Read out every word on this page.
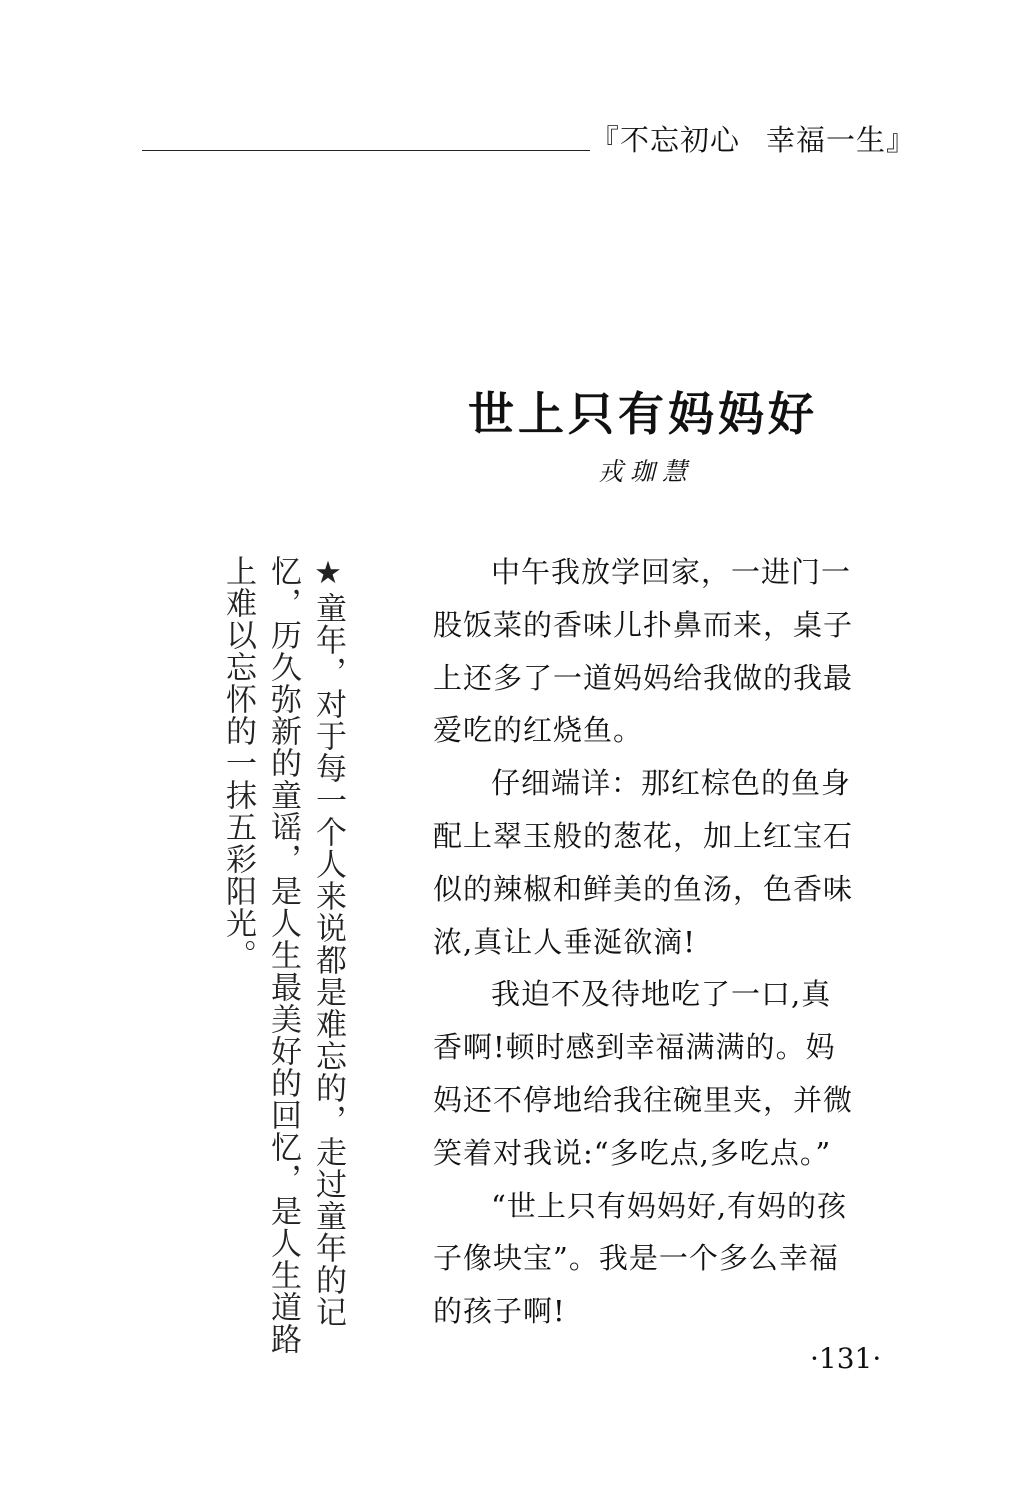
『不忘初心 幸福一生』
世上只有妈妈好
戎珈慧
★童年，对于每一个人来说都是难忘的，走过童年的记忆，历久弥新的童谣，是人生最美好的回忆，是人生道路上难以忘怀的一抹五彩阳光。	中午我放学回家，一进门一股饭菜的香味儿扑鼻而来，桌子上还多了一道妈妈给我做的我最爱吃的红烧鱼。

仔细端详：那红棕色的鱼身配上翠玉般的葱花，加上红宝石似的辣椒和鲜美的鱼汤，色香味浓,真让人垂涎欲滴!

我迫不及待地吃了一口,真香啊!顿时感到幸福满满的。妈妈还不停地给我往碗里夹，并微笑着对我说:“多吃点,多吃点。”

“世上只有妈妈好,有妈的孩子像块宝”。我是一个多么幸福的孩子啊!

·131·
